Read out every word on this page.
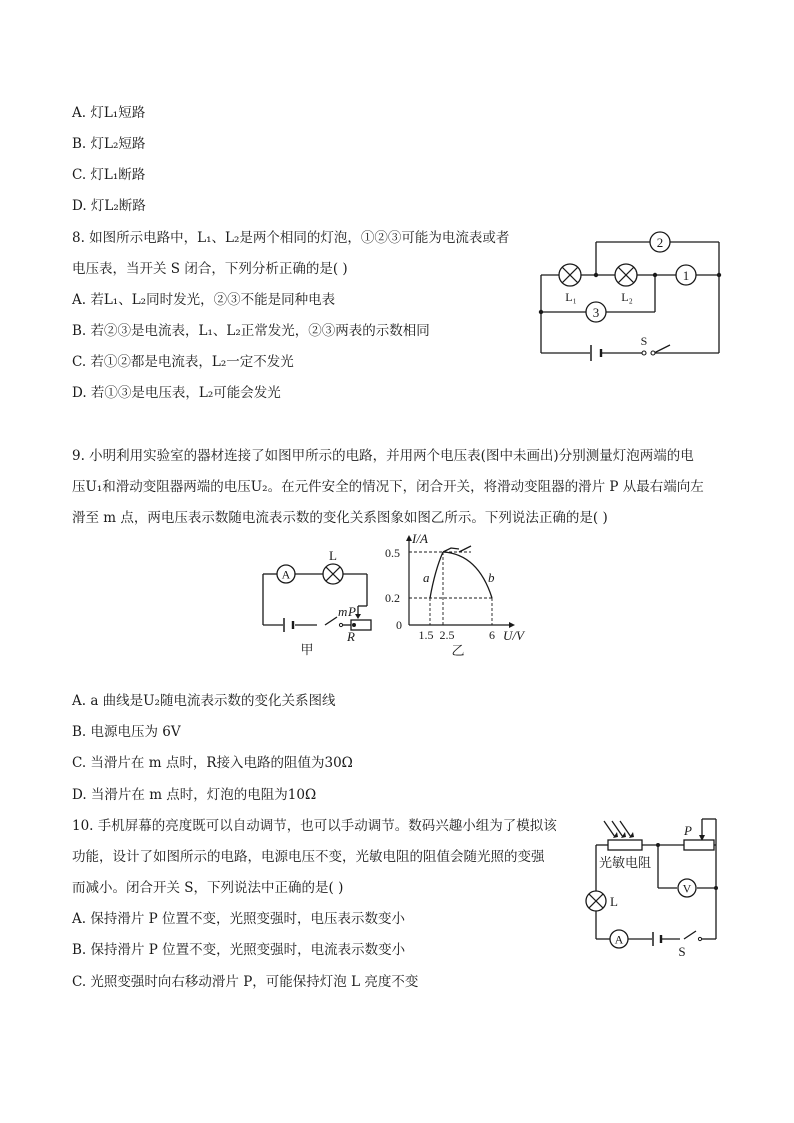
A. 灯L₁短路
B. 灯L₂短路
C. 灯L₁断路
D. 灯L₂断路
8. 如图所示电路中，L₁、L₂是两个相同的灯泡，①②③可能为电流表或者
电压表，当开关 S 闭合，下列分析正确的是( )
A. 若L₁、L₂同时发光，②③不能是同种电表
B. 若②③是电流表，L₁、L₂正常发光，②③两表的示数相同
C. 若①②都是电流表，L₂一定不发光
D. 若①③是电压表，L₂可能会发光
2
1
3
L₁	L₂
S
9. 小明利用实验室的器材连接了如图甲所示的电路，并用两个电压表(图中未画出)分别测量灯泡两端的电
压U₁和滑动变阻器两端的电压U₂。在元件安全的情况下，闭合开关，将滑动变阻器的滑片 P 从最右端向左
滑至 m 点，两电压表示数随电流表示数的变化关系图象如图乙所示。下列说法正确的是( )
A
L
m P
R
甲
I/A
0.5
0.2
0
1.5 2.5	6 U/V
a	b
乙
A. a 曲线是U₂随电流表示数的变化关系图线
B. 电源电压为 6V
C. 当滑片在 m 点时，R接入电路的阻值为30Ω
D. 当滑片在 m 点时，灯泡的电阻为10Ω
10. 手机屏幕的亮度既可以自动调节，也可以手动调节。数码兴趣小组为了模拟该
功能，设计了如图所示的电路，电源电压不变，光敏电阻的阻值会随光照的变强
而减小。闭合开关 S，下列说法中正确的是( )
A. 保持滑片 P 位置不变，光照变强时，电压表示数变小
B. 保持滑片 P 位置不变，光照变强时，电流表示数变小
C. 光照变强时向右移动滑片 P，可能保持灯泡 L 亮度不变
V
A
P
光敏电阻
L
S
